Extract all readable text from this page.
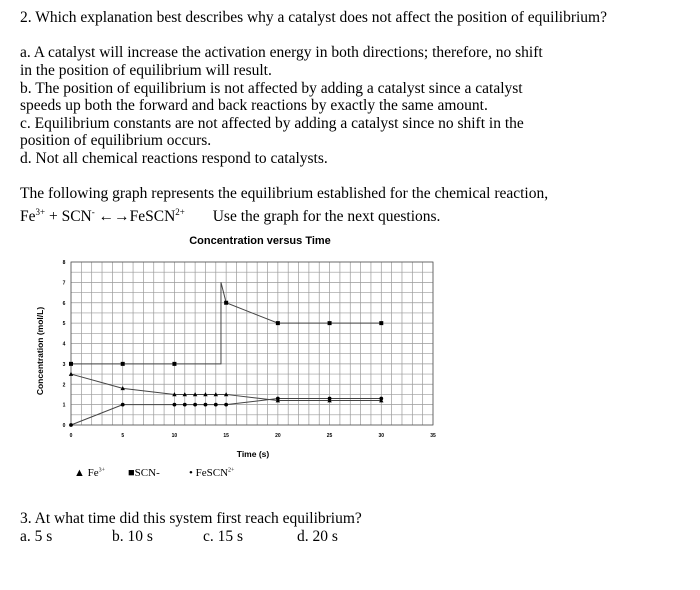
2. Which explanation best describes why a catalyst does not affect the position of equilibrium?
a. A catalyst will increase the activation energy in both directions; therefore, no shift
in the position of equilibrium will result.
b. The position of equilibrium is not affected by adding a catalyst since a catalyst
speeds up both the forward and back reactions by exactly the same amount.
c. Equilibrium constants are not affected by adding a catalyst since no shift in the
position of equilibrium occurs.
d. Not all chemical reactions respond to catalysts.
The following graph represents the equilibrium established for the chemical reaction,
$Fe^{3+} + SCN^-$ ←→FeSCN$^{2+}$ Use the graph for the next questions.
Concentration versus Time
0	5	10	15	20	25	30	35
0
1
2
3
4
5
6
7
8
Time (s)
Concentration (mol/L)
▲ $Fe^{3+}$ ■SCN-	• FeSCN$^{2+}$
3. At what time did this system first reach equilibrium?
a. 5 s	b. 10 s	c. 15 s	d. 20 s
